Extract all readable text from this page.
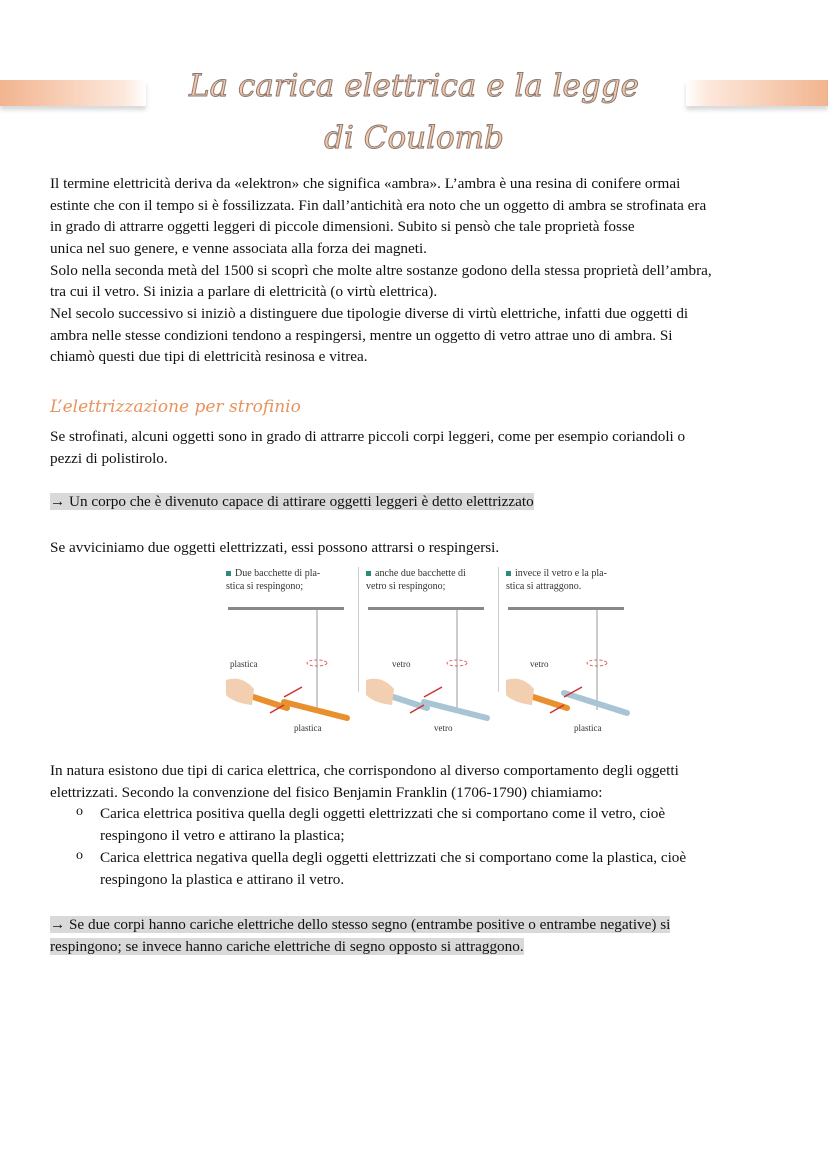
La carica elettrica e la legge
di Coulomb
Il termine elettricità deriva da «elektron» che significa «ambra». L’ambra è una resina di conifere ormai
estinte che con il tempo si è fossilizzata. Fin dall’antichità era noto che un oggetto di ambra se strofinata era
in grado di attrarre oggetti leggeri di piccole dimensioni. Subito si pensò che tale proprietà fosse
unica nel suo genere, e venne associata alla forza dei magneti.
Solo nella seconda metà del 1500 si scoprì che molte altre sostanze godono della stessa proprietà dell’ambra,
tra cui il vetro. Si inizia a parlare di elettricità (o virtù elettrica).
Nel secolo successivo si iniziò a distinguere due tipologie diverse di virtù elettriche, infatti due oggetti di
ambra nelle stesse condizioni tendono a respingersi, mentre un oggetto di vetro attrae uno di ambra. Si
chiamò questi due tipi di elettricità resinosa e vitrea.
L’elettrizzazione per strofinio
Se strofinati, alcuni oggetti sono in grado di attrarre piccoli corpi leggeri, come per esempio coriandoli o
pezzi di polistirolo.
→ Un corpo che è divenuto capace di attirare oggetti leggeri è detto elettrizzato
Se avviciniamo due oggetti elettrizzati, essi possono attrarsi o respingersi.
Due bacchette di pla-
stica si respingono;
plastica
plastica
anche due bacchette di
vetro si respingono;
vetro
vetro
invece il vetro e la pla-
stica si attraggono.
vetro
plastica
In natura esistono due tipi di carica elettrica, che corrispondono al diverso comportamento degli oggetti
elettrizzati. Secondo la convenzione del fisico Benjamin Franklin (1706-1790) chiamiamo:
o Carica elettrica positiva quella degli oggetti elettrizzati che si comportano come il vetro, cioè
respingono il vetro e attirano la plastica;
o Carica elettrica negativa quella degli oggetti elettrizzati che si comportano come la plastica, cioè
respingono la plastica e attirano il vetro.
→ Se due corpi hanno cariche elettriche dello stesso segno (entrambe positive o entrambe negative) si
respingono; se invece hanno cariche elettriche di segno opposto si attraggono.
